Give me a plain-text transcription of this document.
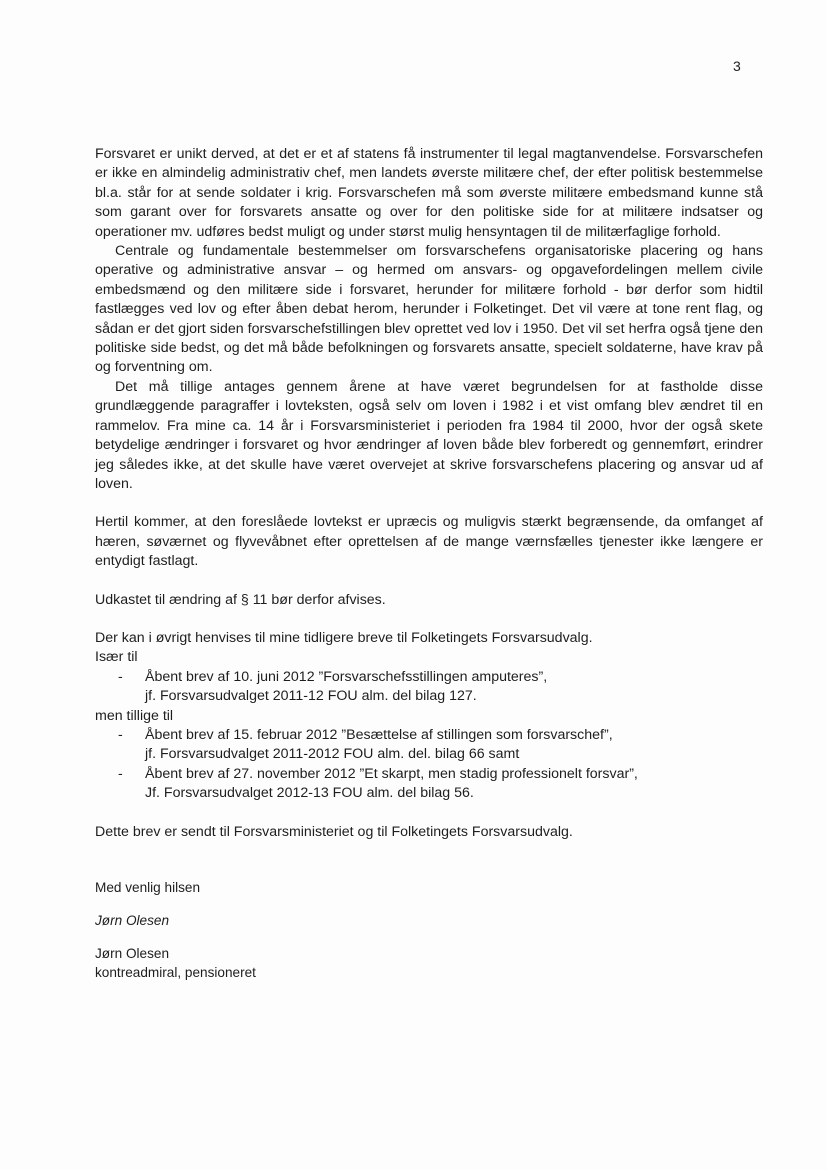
3

Forsvaret er unikt derved, at det er et af statens få instrumenter til legal magtanvendelse. Forsvarschefen er ikke en almindelig administrativ chef, men landets øverste militære chef, der efter politisk bestemmelse bl.a. står for at sende soldater i krig. Forsvarschefen må som øverste militære embedsmand kunne stå som garant over for forsvarets ansatte og over for den politiske side for at militære indsatser og operationer mv. udføres bedst muligt og under størst mulig hensyntagen til de militærfaglige forhold.

Centrale og fundamentale bestemmelser om forsvarschefens organisatoriske placering og hans operative og administrative ansvar – og hermed om ansvars- og opgavefordelingen mellem civile embedsmænd og den militære side i forsvaret, herunder for militære forhold - bør derfor som hidtil fastlægges ved lov og efter åben debat herom, herunder i Folketinget. Det vil være at tone rent flag, og sådan er det gjort siden forsvarschefstillingen blev oprettet ved lov i 1950. Det vil set herfra også tjene den politiske side bedst, og det må både befolkningen og forsvarets ansatte, specielt soldaterne, have krav på og forventning om.

Det må tillige antages gennem årene at have været begrundelsen for at fastholde disse grundlæggende paragraffer i lovteksten, også selv om loven i 1982 i et vist omfang blev ændret til en rammelov. Fra mine ca. 14 år i Forsvarsministeriet i perioden fra 1984 til 2000, hvor der også skete betydelige ændringer i forsvaret og hvor ændringer af loven både blev forberedt og gennemført, erindrer jeg således ikke, at det skulle have været overvejet at skrive forsvarschefens placering og ansvar ud af loven.

Hertil kommer, at den foreslåede lovtekst er upræcis og muligvis stærkt begrænsende, da omfanget af hæren, søværnet og flyvevåbnet efter oprettelsen af de mange værnsfælles tjenester ikke længere er entydigt fastlagt.

Udkastet til ændring af § 11 bør derfor afvises.

Der kan i øvrigt henvises til mine tidligere breve til Folketingets Forsvarsudvalg.

Især til
-	Åbent brev af 10. juni 2012 ”Forsvarschefsstillingen amputeres”,
jf. Forsvarsudvalget 2011-12 FOU alm. del bilag 127.
men tillige til
-	Åbent brev af 15. februar 2012 ”Besættelse af stillingen som forsvarschef”,
jf. Forsvarsudvalget 2011-2012 FOU alm. del. bilag 66 samt
-	Åbent brev af 27. november 2012 ”Et skarpt, men stadig professionelt forsvar”,
Jf. Forsvarsudvalget 2012-13 FOU alm. del bilag 56.

Dette brev er sendt til Forsvarsministeriet og til Folketingets Forsvarsudvalg.

Med venlig hilsen
Jørn Olesen
Jørn Olesen
kontreadmiral, pensioneret
